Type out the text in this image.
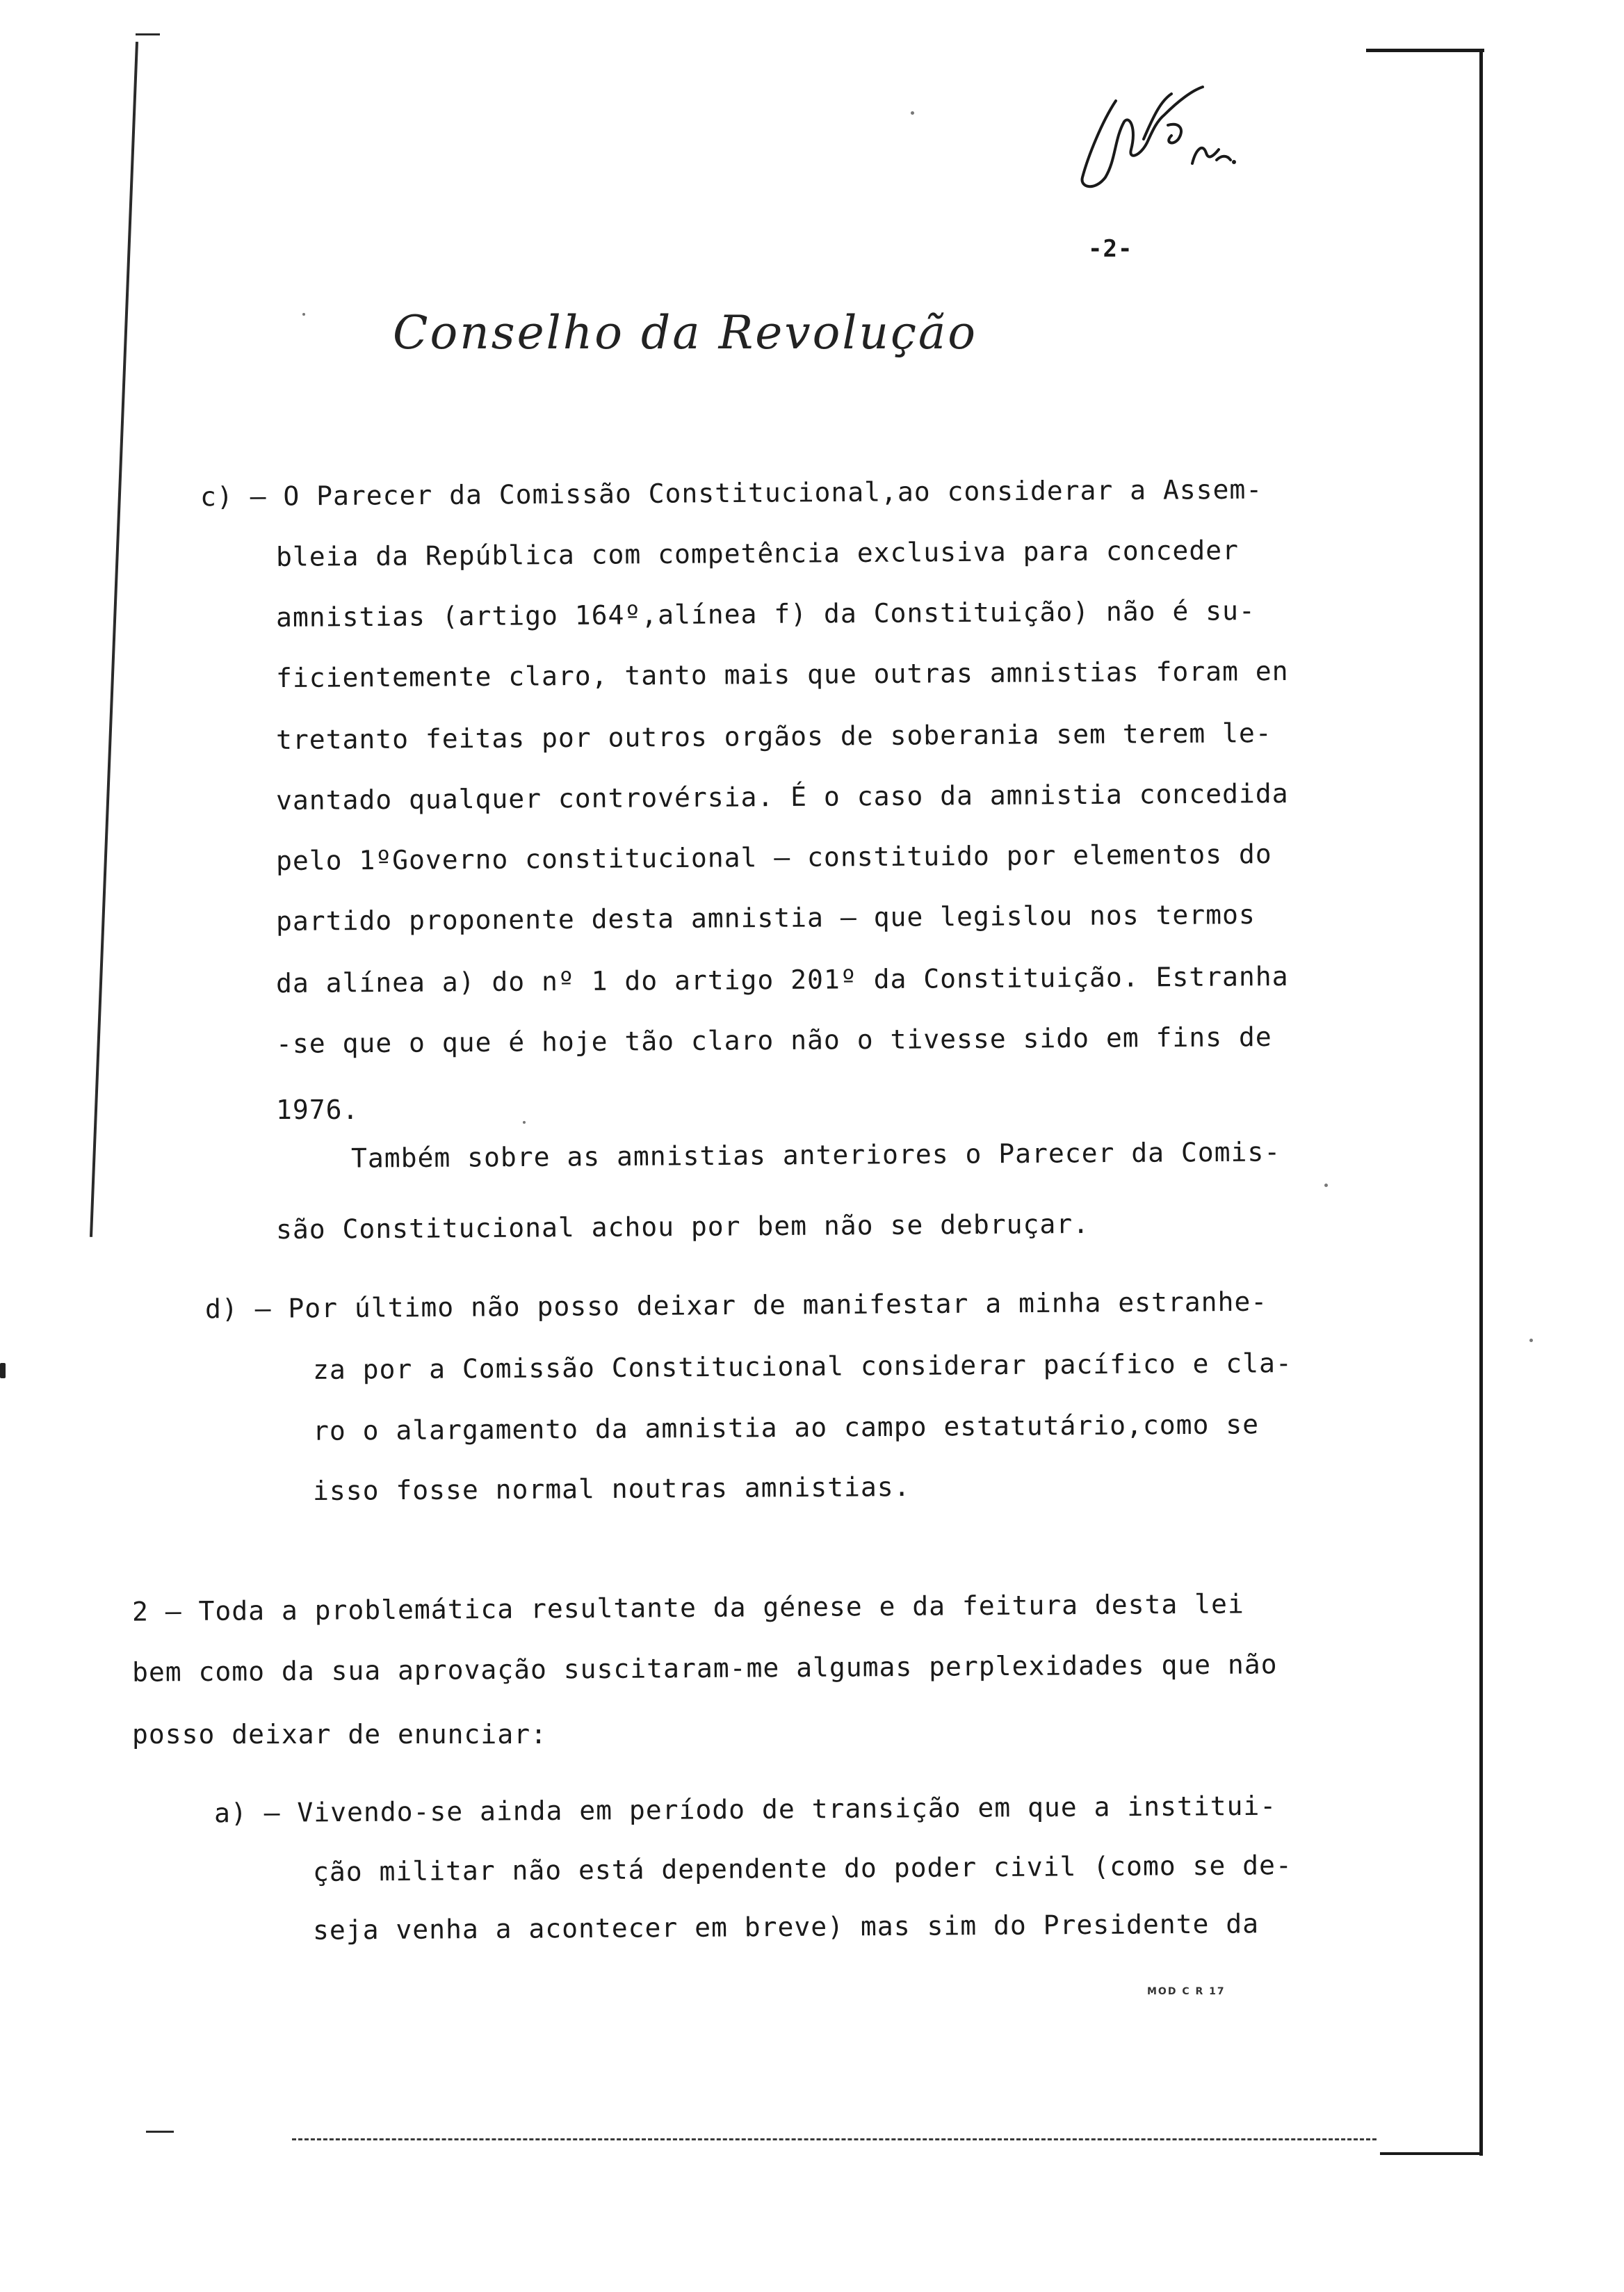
-2-
Conselho da Revolução
c) — O Parecer da Comissão Constitucional,ao considerar a Assem-
bleia da República com competência exclusiva para conceder
amnistias (artigo 164º,alínea f) da Constituição) não é su-
ficientemente claro, tanto mais que outras amnistias foram en
tretanto feitas por outros orgãos de soberania sem terem le-
vantado qualquer controvérsia. É o caso da amnistia concedida
pelo 1ºGoverno constitucional — constituido por elementos do
partido proponente desta amnistia — que legislou nos termos
da alínea a) do nº 1 do artigo 201º da Constituição. Estranha
-se que o que é hoje tão claro não o tivesse sido em fins de
1976.
Também sobre as amnistias anteriores o Parecer da Comis-
são Constitucional achou por bem não se debruçar.
d) — Por último não posso deixar de manifestar a minha estranhe-
za por a Comissão Constitucional considerar pacífico e cla-
ro o alargamento da amnistia ao campo estatutário,como se
isso fosse normal noutras amnistias.
2 — Toda a problemática resultante da génese e da feitura desta lei
bem como da sua aprovação suscitaram-me algumas perplexidades que não
posso deixar de enunciar:
a) — Vivendo-se ainda em período de transição em que a institui-
ção militar não está dependente do poder civil (como se de-
seja venha a acontecer em breve) mas sim do Presidente da
MOD C R 17
